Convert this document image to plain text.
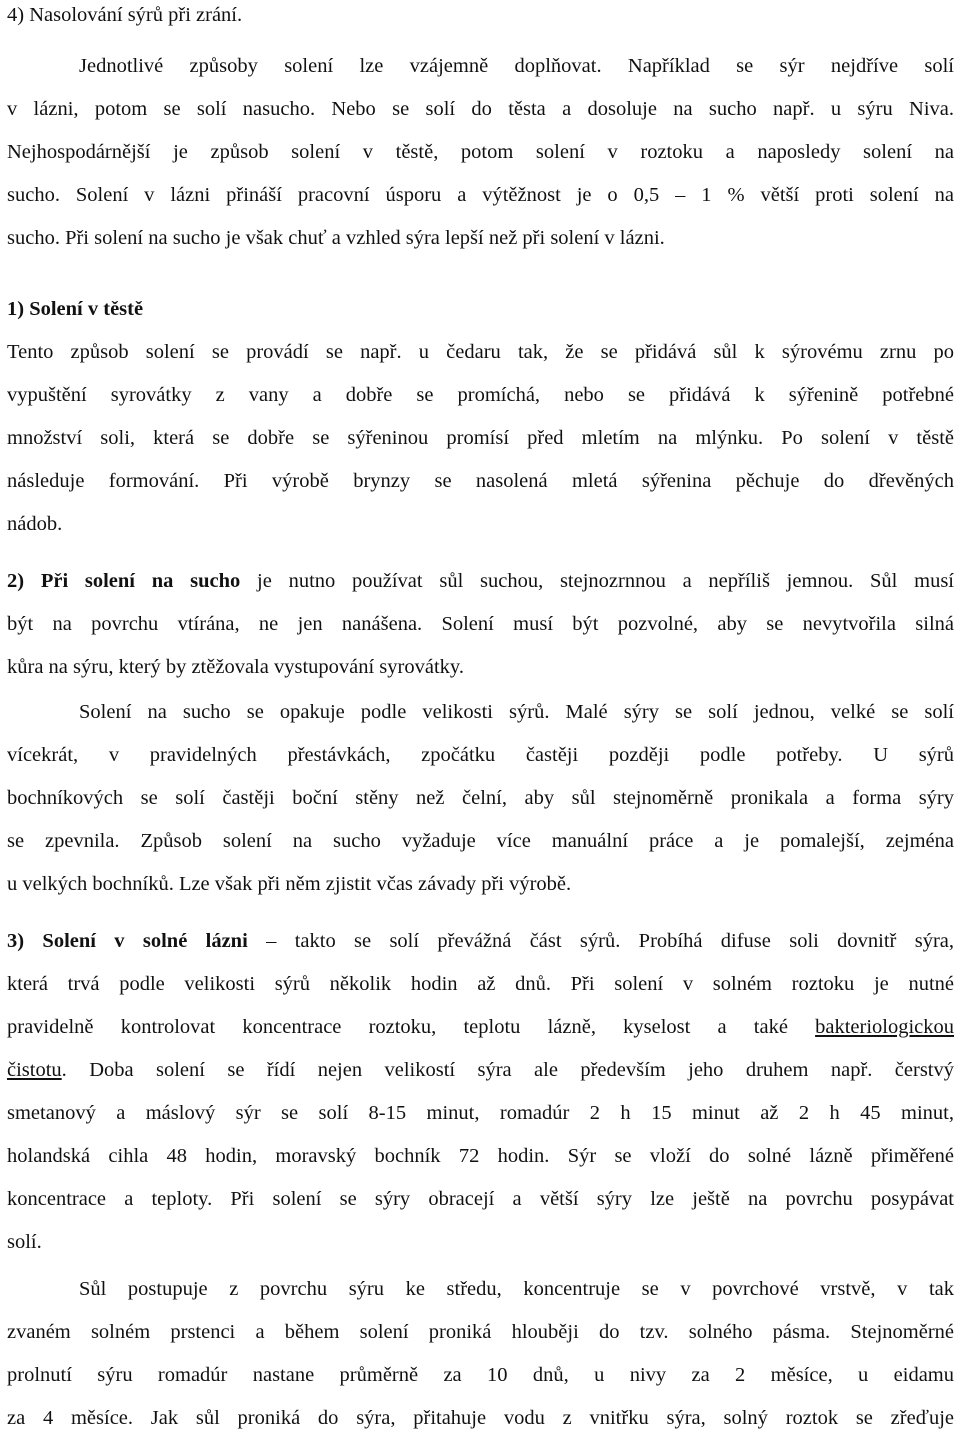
4) Nasolování sýrů při zrání.
Jednotlivé způsoby solení lze vzájemně doplňovat. Například se sýr nejdříve solí
v lázni, potom se solí nasucho. Nebo se solí do těsta a dosoluje na sucho např. u sýru Niva.
Nejhospodárnější je způsob solení v těstě, potom solení v roztoku a naposledy solení na
sucho. Solení v lázni přináší pracovní úsporu a výtěžnost je o 0,5 – 1 % větší proti solení na
sucho. Při solení na sucho je však chuť a vzhled sýra lepší než při solení v lázni.
1) Solení v těstě
Tento způsob solení se provádí se např. u čedaru tak, že se přidává sůl k sýrovému zrnu po
vypuštění syrovátky z vany a dobře se promíchá, nebo se přidává k sýřenině potřebné
množství soli, která se dobře se sýřeninou promísí před mletím na mlýnku. Po solení v těstě
následuje formování. Při výrobě brynzy se nasolená mletá sýřenina pěchuje do dřevěných
nádob.
2) Při solení na sucho je nutno používat sůl suchou, stejnozrnnou a nepříliš jemnou. Sůl musí
být na povrchu vtírána, ne jen nanášena. Solení musí být pozvolné, aby se nevytvořila silná
kůra na sýru, který by ztěžovala vystupování syrovátky.
Solení na sucho se opakuje podle velikosti sýrů. Malé sýry se solí jednou, velké se solí
vícekrát, v pravidelných přestávkách, zpočátku častěji později podle potřeby. U sýrů
bochníkových se solí častěji boční stěny než čelní, aby sůl stejnoměrně pronikala a forma sýry
se zpevnila. Způsob solení na sucho vyžaduje více manuální práce a je pomalejší, zejména
u velkých bochníků. Lze však při něm zjistit včas závady při výrobě.
3) Solení v solné lázni – takto se solí převážná část sýrů. Probíhá difuse soli dovnitř sýra,
která trvá podle velikosti sýrů několik hodin až dnů. Při solení v solném roztoku je nutné
pravidelně kontrolovat koncentrace roztoku, teplotu lázně, kyselost a také bakteriologickou
čistotu. Doba solení se řídí nejen velikostí sýra ale především jeho druhem např. čerstvý
smetanový a máslový sýr se solí 8-15 minut, romadúr 2 h 15 minut až 2 h 45 minut,
holandská cihla 48 hodin, moravský bochník 72 hodin. Sýr se vloží do solné lázně přiměřené
koncentrace a teploty. Při solení se sýry obracejí a větší sýry lze ještě na povrchu posypávat
solí.
Sůl postupuje z povrchu sýru ke středu, koncentruje se v povrchové vrstvě, v tak
zvaném solném prstenci a během solení proniká hlouběji do tzv. solného pásma. Stejnoměrné
prolnutí sýru romadúr nastane průměrně za 10 dnů, u nivy za 2 měsíce, u eidamu
za 4 měsíce. Jak sůl proniká do sýra, přitahuje vodu z vnitřku sýra, solný roztok se zřeďuje
